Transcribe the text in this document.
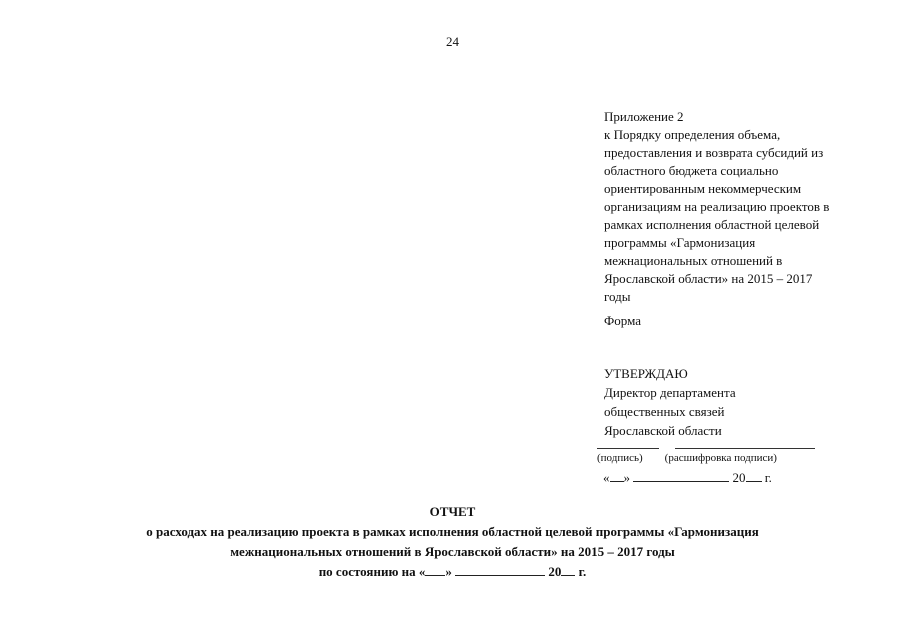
24
Приложение 2
к Порядку определения объема,
предоставления и возврата субсидий из
областного бюджета социально
ориентированным некоммерческим
организациям на реализацию проектов в
рамках исполнения областной целевой
программы «Гармонизация
межнациональных отношений в
Ярославской области» на 2015 – 2017
годы
Форма
УТВЕРЖДАЮ
Директор департамента
общественных связей
Ярославской области
(подпись) (расшифровка подписи)
« »	20 г.
ОТЧЕТ
о расходах на реализацию проекта в рамках исполнения областной целевой программы «Гармонизация
межнациональных отношений в Ярославской области» на 2015 – 2017 годы
по состоянию на « »	20 г.
